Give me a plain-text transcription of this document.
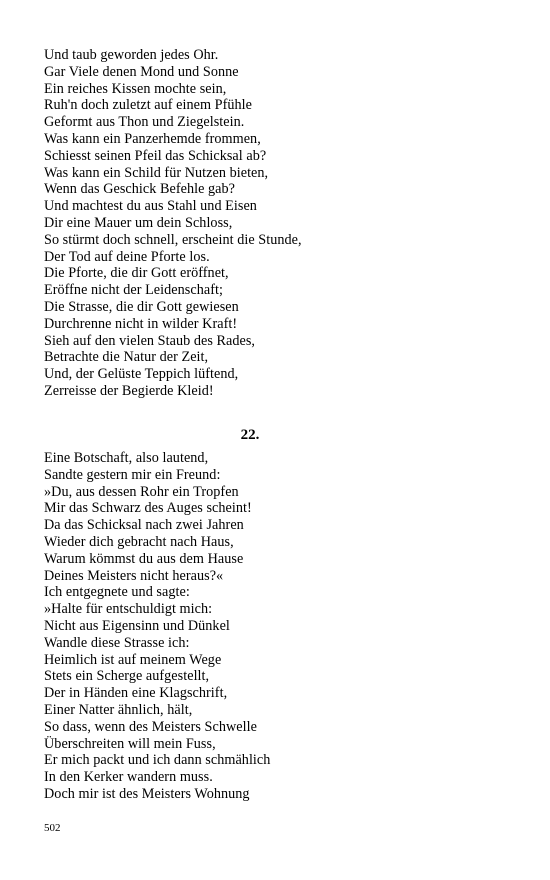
Und taub geworden jedes Ohr.
Gar Viele denen Mond und Sonne
Ein reiches Kissen mochte sein,
Ruh'n doch zuletzt auf einem Pfühle
Geformt aus Thon und Ziegelstein.
Was kann ein Panzerhemde frommen,
Schiesst seinen Pfeil das Schicksal ab?
Was kann ein Schild für Nutzen bieten,
Wenn das Geschick Befehle gab?
Und machtest du aus Stahl und Eisen
Dir eine Mauer um dein Schloss,
So stürmt doch schnell, erscheint die Stunde,
Der Tod auf deine Pforte los.
Die Pforte, die dir Gott eröffnet,
Eröffne nicht der Leidenschaft;
Die Strasse, die dir Gott gewiesen
Durchrenne nicht in wilder Kraft!
Sieh auf den vielen Staub des Rades,
Betrachte die Natur der Zeit,
Und, der Gelüste Teppich lüftend,
Zerreisse der Begierde Kleid!
22.
Eine Botschaft, also lautend,
Sandte gestern mir ein Freund:
»Du, aus dessen Rohr ein Tropfen
Mir das Schwarz des Auges scheint!
Da das Schicksal nach zwei Jahren
Wieder dich gebracht nach Haus,
Warum kömmst du aus dem Hause
Deines Meisters nicht heraus?«
Ich entgegnete und sagte:
»Halte für entschuldigt mich:
Nicht aus Eigensinn und Dünkel
Wandle diese Strasse ich:
Heimlich ist auf meinem Wege
Stets ein Scherge aufgestellt,
Der in Händen eine Klagschrift,
Einer Natter ähnlich, hält,
So dass, wenn des Meisters Schwelle
Überschreiten will mein Fuss,
Er mich packt und ich dann schmählich
In den Kerker wandern muss.
Doch mir ist des Meisters Wohnung
502
